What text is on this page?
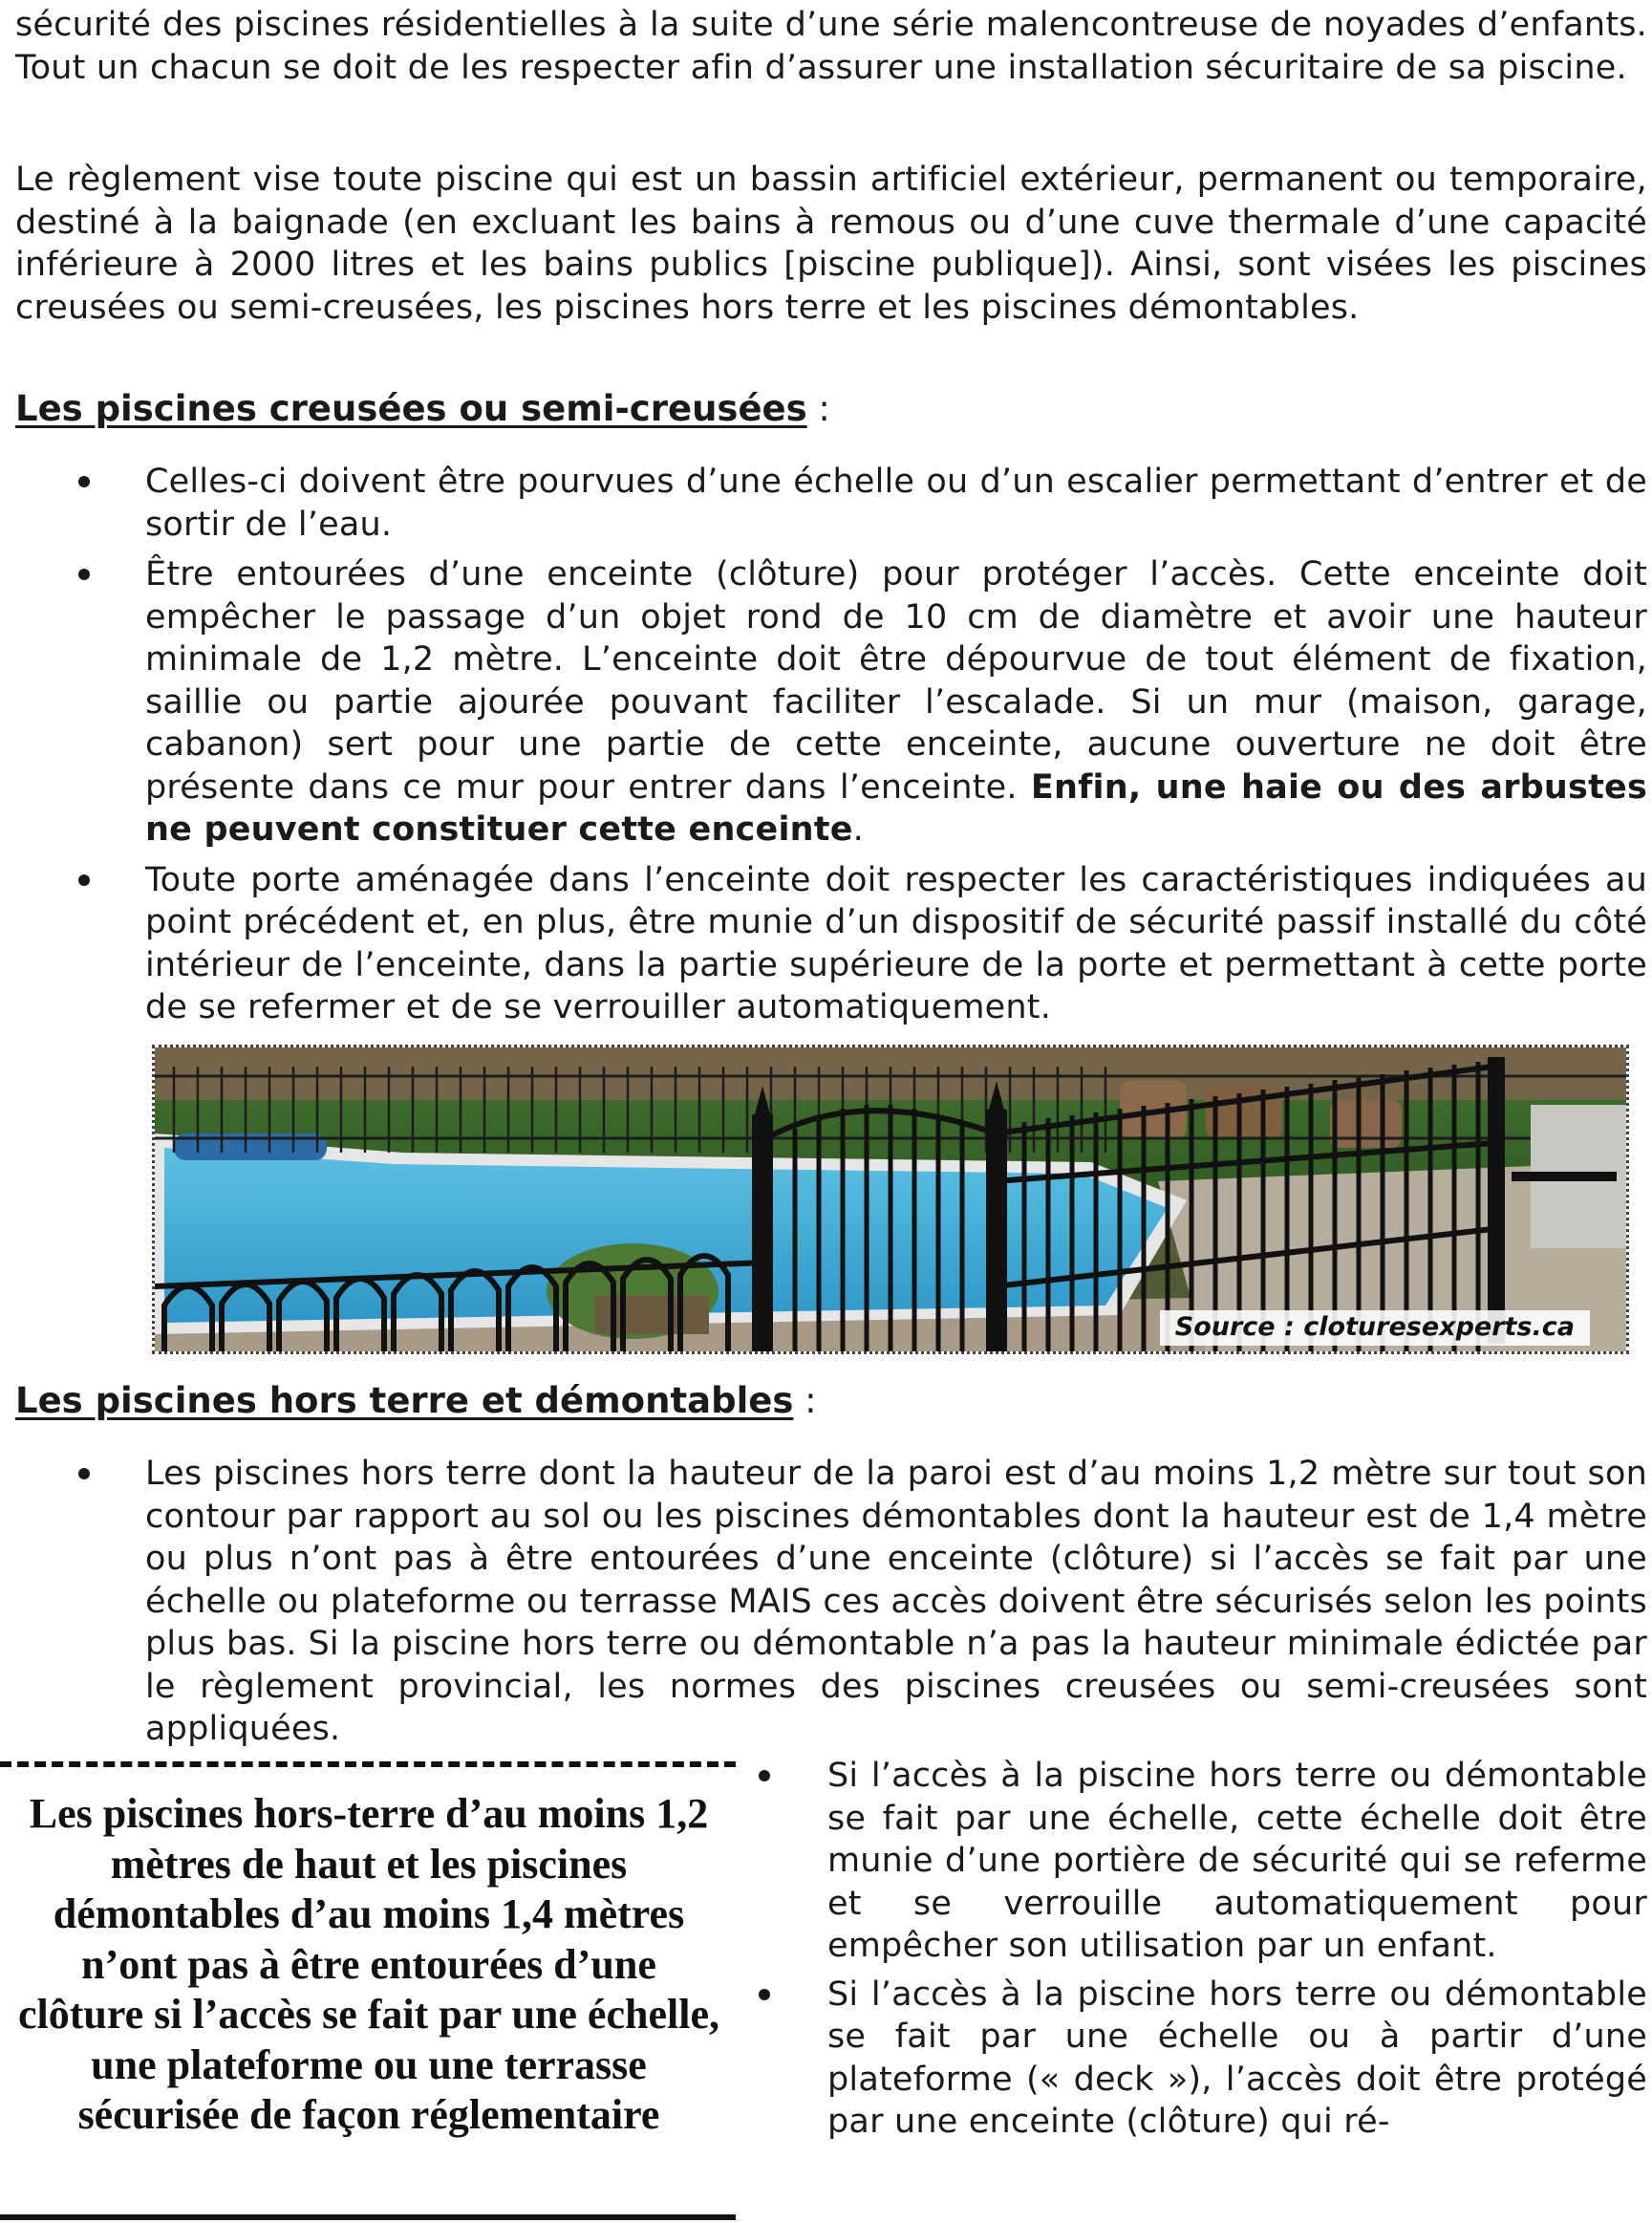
sécurité des piscines résidentielles à la suite d’une série malencontreuse de noyades d’enfants. Tout un chacun se doit de les respecter afin d’assurer une installation sécuritaire de sa piscine.

Le règlement vise toute piscine qui est un bassin artificiel extérieur, permanent ou temporaire, destiné à la baignade (en excluant les bains à remous ou d’une cuve thermale d’une capacité inférieure à 2000 litres et les bains publics [piscine publique]). Ainsi, sont visées les piscines creusées ou semi-creusées, les piscines hors terre et les piscines démontables.

Les piscines creusées ou semi-creusées :
Celles-ci doivent être pourvues d’une échelle ou d’un escalier permettant d’entrer et de sortir de l’eau.
Être entourées d’une enceinte (clôture) pour protéger l’accès. Cette enceinte doit empêcher le passage d’un objet rond de 10 cm de diamètre et avoir une hauteur minimale de 1,2 mètre. L’enceinte doit être dépourvue de tout élément de fixation, saillie ou partie ajourée pouvant faciliter l’escalade. Si un mur (maison, garage, cabanon) sert pour une partie de cette enceinte, aucune ouverture ne doit être présente dans ce mur pour entrer dans l’enceinte. Enfin, une haie ou des arbustes ne peuvent constituer cette enceinte.
Toute porte aménagée dans l’enceinte doit respecter les caractéristiques indiquées au point précédent et, en plus, être munie d’un dispositif de sécurité passif installé du côté intérieur de l’enceinte, dans la partie supérieure de la porte et permettant à cette porte de se refermer et de se verrouiller automatiquement.
Source : cloturesexperts.ca
Les piscines hors terre et démontables :
Les piscines hors terre dont la hauteur de la paroi est d’au moins 1,2 mètre sur tout son contour par rapport au sol ou les piscines démontables dont la hauteur est de 1,4 mètre ou plus n’ont pas à être entourées d’une enceinte (clôture) si l’accès se fait par une échelle ou plateforme ou terrasse MAIS ces accès doivent être sécurisés selon les points plus bas. Si la piscine hors terre ou démontable n’a pas la hauteur minimale édictée par le règlement provincial, les normes des piscines creusées ou semi-creusées sont appliquées.
Si l’accès à la piscine hors terre ou démontable se fait par une échelle, cette échelle doit être munie d’une portière de sécurité qui se referme et se verrouille automatiquement pour empêcher son utilisation par un enfant.
Si l’accès à la piscine hors terre ou démontable se fait par une échelle ou à partir d’une plateforme (« deck »), l’accès doit être protégé par une enceinte (clôture) qui ré-

Les piscines hors-terre d’au moins 1,2 mètres de haut et les piscines démontables d’au moins 1,4 mètres n’ont pas à être entourées d’une clôture si l’accès se fait par une échelle, une plateforme ou une terrasse sécurisée de façon réglementaire
